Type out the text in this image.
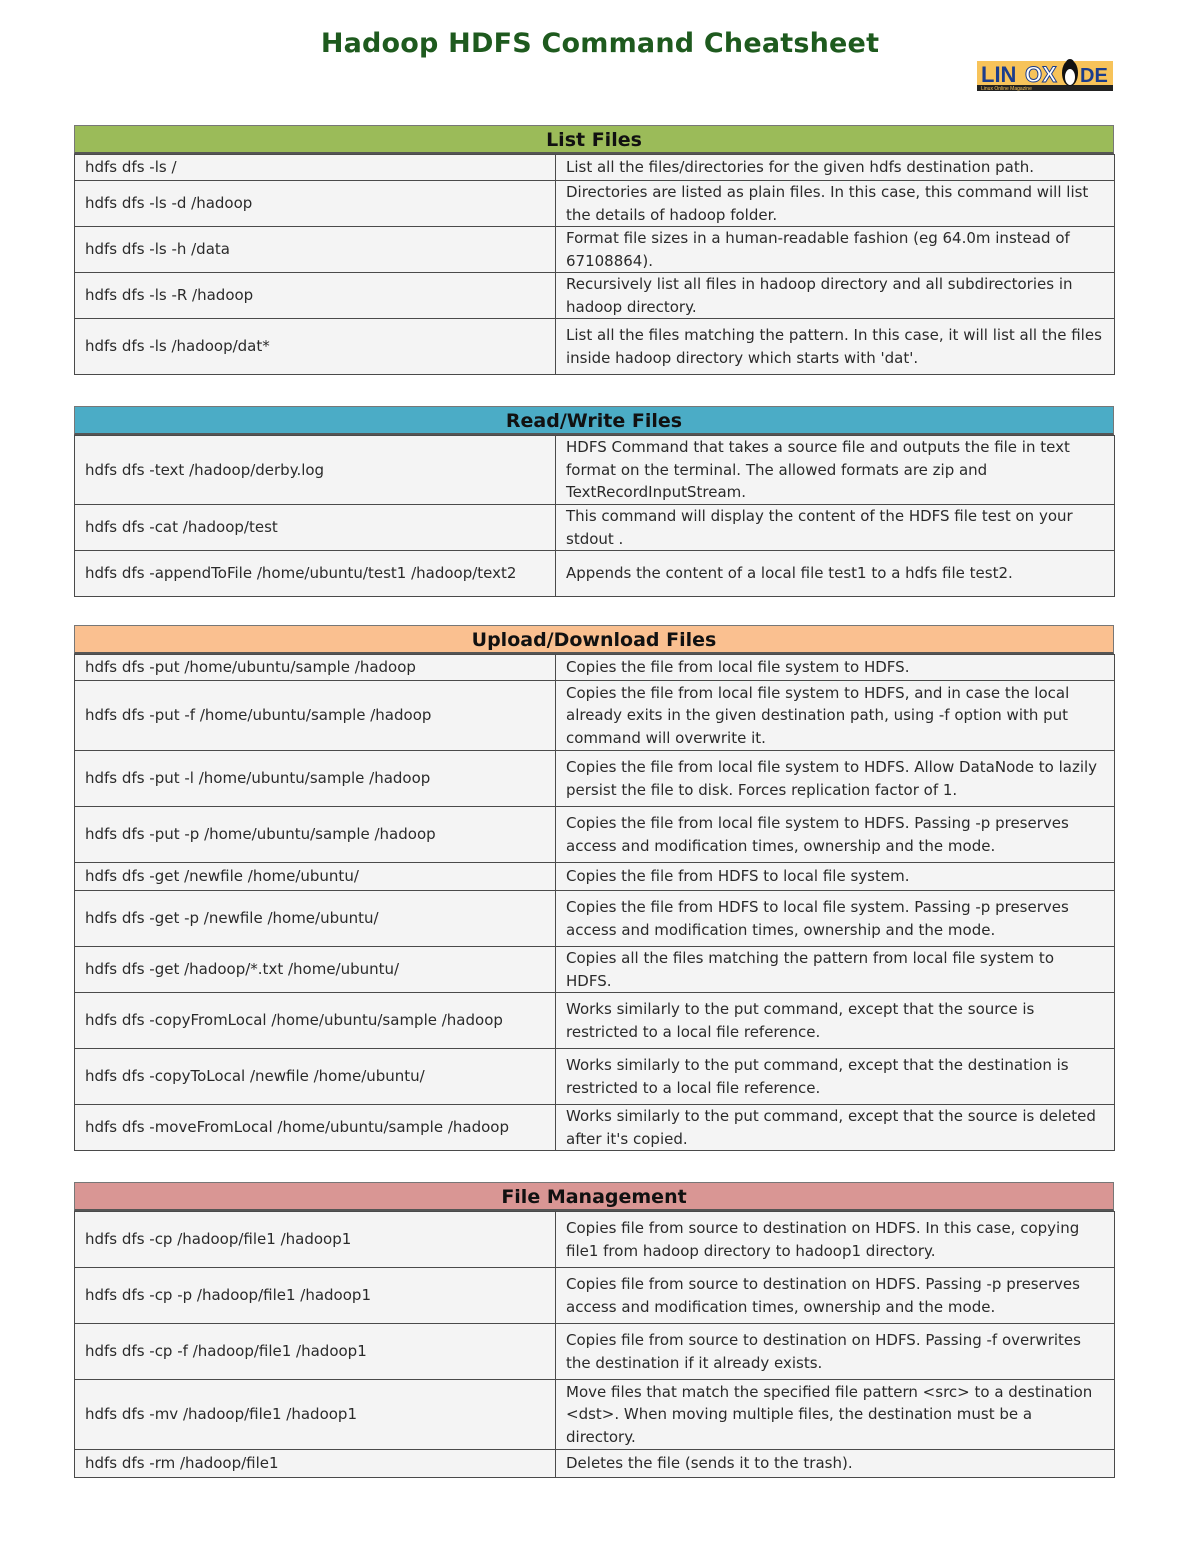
Hadoop HDFS Command Cheatsheet
LIN OX DE
Linux Online Magazine
List Files
hdfs dfs -ls /	List all the files/directories for the given hdfs destination path.
hdfs dfs -ls -d /hadoop	Directories are listed as plain files. In this case, this command will list the details of hadoop folder.
hdfs dfs -ls -h /data	Format file sizes in a human-readable fashion (eg 64.0m instead of 67108864).
hdfs dfs -ls -R /hadoop	Recursively list all files in hadoop directory and all subdirectories in hadoop directory.
hdfs dfs -ls /hadoop/dat*	List all the files matching the pattern. In this case, it will list all the files inside hadoop directory which starts with 'dat'.
Read/Write Files
hdfs dfs -text /hadoop/derby.log	HDFS Command that takes a source file and outputs the file in text format on the terminal. The allowed formats are zip and TextRecordInputStream.
hdfs dfs -cat /hadoop/test	This command will display the content of the HDFS file test on your stdout .
hdfs dfs -appendToFile /home/ubuntu/test1 /hadoop/text2	Appends the content of a local file test1 to a hdfs file test2.
Upload/Download Files
hdfs dfs -put /home/ubuntu/sample /hadoop	Copies the file from local file system to HDFS.
hdfs dfs -put -f /home/ubuntu/sample /hadoop	Copies the file from local file system to HDFS, and in case the local already exits in the given destination path, using -f option with put command will overwrite it.
hdfs dfs -put -l /home/ubuntu/sample /hadoop	Copies the file from local file system to HDFS. Allow DataNode to lazily persist the file to disk. Forces replication factor of 1.
hdfs dfs -put -p /home/ubuntu/sample /hadoop	Copies the file from local file system to HDFS. Passing -p preserves access and modification times, ownership and the mode.
hdfs dfs -get /newfile /home/ubuntu/	Copies the file from HDFS to local file system.
hdfs dfs -get -p /newfile /home/ubuntu/	Copies the file from HDFS to local file system. Passing -p preserves access and modification times, ownership and the mode.
hdfs dfs -get /hadoop/*.txt /home/ubuntu/	Copies all the files matching the pattern from local file system to HDFS.
hdfs dfs -copyFromLocal /home/ubuntu/sample /hadoop	Works similarly to the put command, except that the source is restricted to a local file reference.
hdfs dfs -copyToLocal /newfile /home/ubuntu/	Works similarly to the put command, except that the destination is restricted to a local file reference.
hdfs dfs -moveFromLocal /home/ubuntu/sample /hadoop	Works similarly to the put command, except that the source is deleted after it's copied.
File Management
hdfs dfs -cp /hadoop/file1 /hadoop1	Copies file from source to destination on HDFS. In this case, copying file1 from hadoop directory to hadoop1 directory.
hdfs dfs -cp -p /hadoop/file1 /hadoop1	Copies file from source to destination on HDFS. Passing -p preserves access and modification times, ownership and the mode.
hdfs dfs -cp -f /hadoop/file1 /hadoop1	Copies file from source to destination on HDFS. Passing -f overwrites the destination if it already exists.
hdfs dfs -mv /hadoop/file1 /hadoop1	Move files that match the specified file pattern <src> to a destination <dst>. When moving multiple files, the destination must be a directory.
hdfs dfs -rm /hadoop/file1	Deletes the file (sends it to the trash).
